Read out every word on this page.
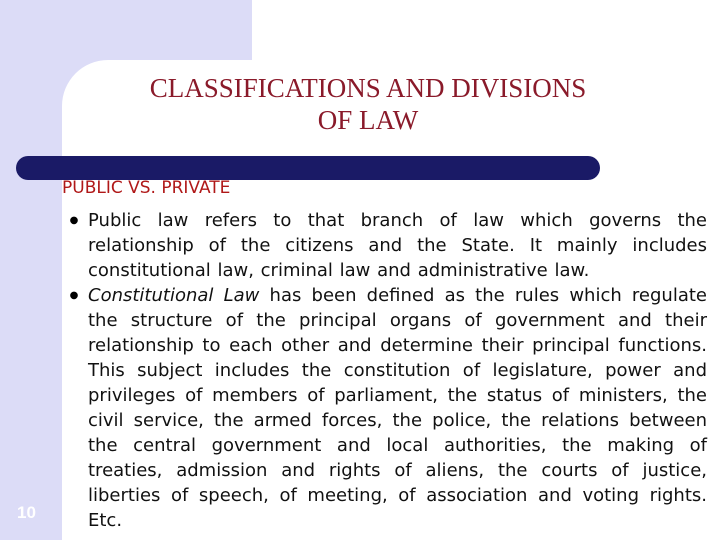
CLASSIFICATIONS AND DIVISIONS
OF LAW
PUBLIC VS. PRIVATE
● Public law refers to that branch of law which governs the relationship of the citizens and the State. It mainly includes constitutional law, criminal law and administrative law.
● Constitutional Law has been defined as the rules which regulate the structure of the principal organs of government and their relationship to each other and determine their principal functions. This subject includes the constitution of legislature, power and privileges of members of parliament, the status of ministers, the civil service, the armed forces, the police, the relations between the central government and local authorities, the making of treaties, admission and rights of aliens, the courts of justice, liberties of speech, of meeting, of association and voting rights. Etc.
10
